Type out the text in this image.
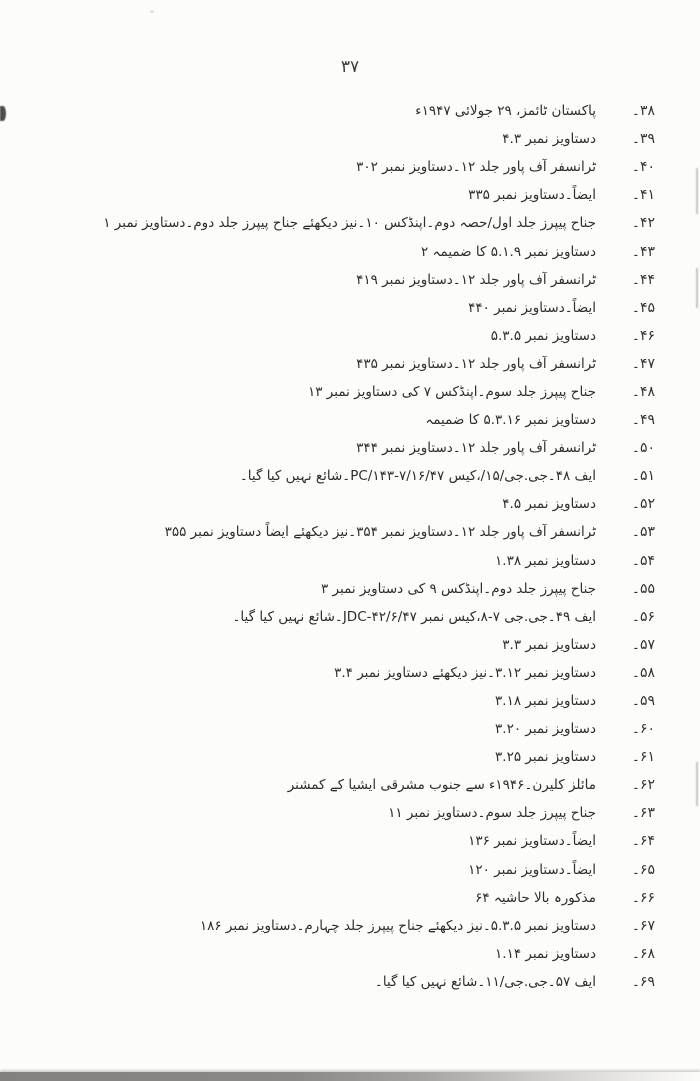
۳۷
۳۸۔
پاکستان ٹائمز، ۲۹ جولائی ۱۹۴۷ء
۳۹۔
دستاویز نمبر ۴.۳
۴۰۔
ٹرانسفر آف پاور جلد ۱۲۔دستاویز نمبر ۳۰۲
۴۱۔
ایضاً۔دستاویز نمبر ۳۳۵
۴۲۔
جناح پیپرز جلد اول/حصہ دوم۔اپنڈکس ۱۰۔نیز دیکھئے جناح پیپرز جلد دوم۔دستاویز نمبر ۱
۴۳۔
دستاویز نمبر ۵.۱.۹ کا ضمیمہ ۲
۴۴۔
ٹرانسفر آف پاور جلد ۱۲۔دستاویز نمبر ۴۱۹
۴۵۔
ایضاً۔دستاویز نمبر ۴۴۰
۴۶۔
دستاویز نمبر ۵.۳.۵
۴۷۔
ٹرانسفر آف پاور جلد ۱۲۔دستاویز نمبر ۴۳۵
۴۸۔
جناح پیپرز جلد سوم۔اپنڈکس ۷ کی دستاویز نمبر ۱۳
۴۹۔
دستاویز نمبر ۵.۳.۱۶ کا ضمیمہ
۵۰۔
ٹرانسفر آف پاور جلد ۱۲۔دستاویز نمبر ۳۴۴
۵۱۔
ایف ۴۸۔جی.جی/۱۵/،کیس ۷/۱۶/۴۷-PC/۱۴۳۔شائع نہیں کیا گیا۔
۵۲۔
دستاویز نمبر ۴.۵
۵۳۔
ٹرانسفر آف پاور جلد ۱۲۔دستاویز نمبر ۳۵۴۔نیز دیکھئے ایضاً دستاویز نمبر ۳۵۵
۵۴۔
دستاویز نمبر ۱.۳۸
۵۵۔
جناح پیپرز جلد دوم۔اپنڈکس ۹ کی دستاویز نمبر ۳
۵۶۔
ایف ۴۹۔جی.جی ۷-۸،کیس نمبر ۴۲/۶/۴۷-JDC۔شائع نہیں کیا گیا۔
۵۷۔
دستاویز نمبر ۳.۳
۵۸۔
دستاویز نمبر ۳.۱۲۔نیز دیکھئے دستاویز نمبر ۳.۴
۵۹۔
دستاویز نمبر ۳.۱۸
۶۰۔
دستاویز نمبر ۳.۲۰
۶۱۔
دستاویز نمبر ۳.۲۵
۶۲۔
مائلز کلیرن۔۱۹۴۶ء سے جنوب مشرقی ایشیا کے کمشنر
۶۳۔
جناح پیپرز جلد سوم۔دستاویز نمبر ۱۱
۶۴۔
ایضاً۔دستاویز نمبر ۱۳۶
۶۵۔
ایضاً۔دستاویز نمبر ۱۲۰
۶۶۔
مذکورہ بالا حاشیہ ۶۴
۶۷۔
دستاویز نمبر ۵.۳.۵۔نیز دیکھئے جناح پیپرز جلد چہارم۔دستاویز نمبر ۱۸۶
۶۸۔
دستاویز نمبر ۱.۱۴
۶۹۔
ایف ۵۷۔جی.جی/۱۱۔شائع نہیں کیا گیا۔
